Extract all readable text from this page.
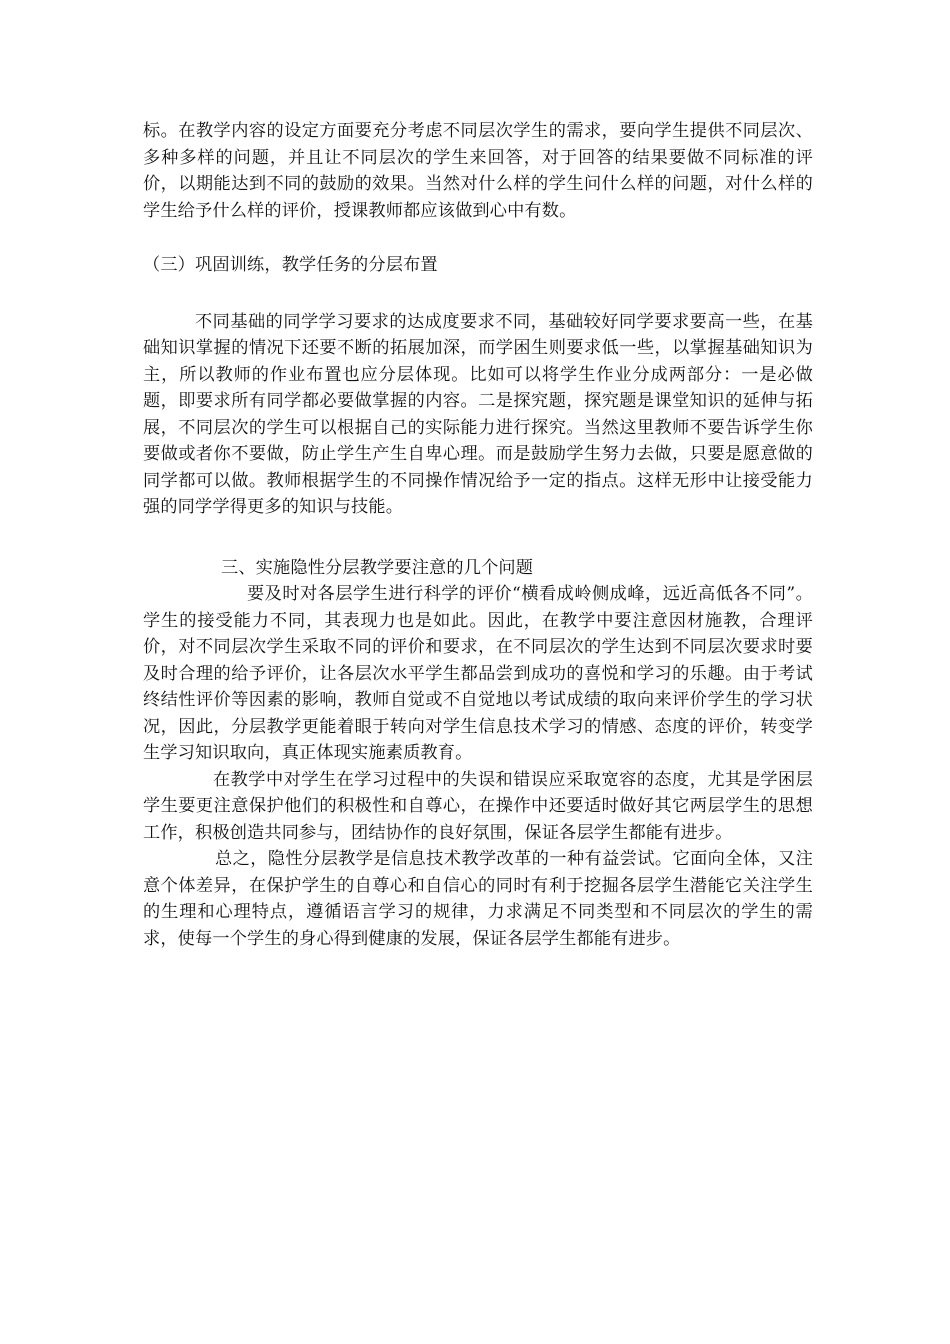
标。在教学内容的设定方面要充分考虑不同层次学生的需求，要向学生提供不同层次、多种多样的问题，并且让不同层次的学生来回答，对于回答的结果要做不同标准的评价，以期能达到不同的鼓励的效果。当然对什么样的学生问什么样的问题，对什么样的学生给予什么样的评价，授课教师都应该做到心中有数。

（三）巩固训练，教学任务的分层布置

不同基础的同学学习要求的达成度要求不同，基础较好同学要求要高一些，在基础知识掌握的情况下还要不断的拓展加深，而学困生则要求低一些，以掌握基础知识为主，所以教师的作业布置也应分层体现。比如可以将学生作业分成两部分：一是必做题，即要求所有同学都必要做掌握的内容。二是探究题，探究题是课堂知识的延伸与拓展，不同层次的学生可以根据自己的实际能力进行探究。当然这里教师不要告诉学生你要做或者你不要做，防止学生产生自卑心理。而是鼓励学生努力去做，只要是愿意做的同学都可以做。教师根据学生的不同操作情况给予一定的指点。这样无形中让接受能力强的同学学得更多的知识与技能。

三、实施隐性分层教学要注意的几个问题

要及时对各层学生进行科学的评价“横看成岭侧成峰，远近高低各不同”。学生的接受能力不同，其表现力也是如此。因此，在教学中要注意因材施教，合理评价，对不同层次学生采取不同的评价和要求，在不同层次的学生达到不同层次要求时要及时合理的给予评价，让各层次水平学生都品尝到成功的喜悦和学习的乐趣。由于考试终结性评价等因素的影响，教师自觉或不自觉地以考试成绩的取向来评价学生的学习状况，因此，分层教学更能着眼于转向对学生信息技术学习的情感、态度的评价，转变学生学习知识取向，真正体现实施素质教育。

在教学中对学生在学习过程中的失误和错误应采取宽容的态度，尤其是学困层学生要更注意保护他们的积极性和自尊心，在操作中还要适时做好其它两层学生的思想工作，积极创造共同参与，团结协作的良好氛围，保证各层学生都能有进步。

总之，隐性分层教学是信息技术教学改革的一种有益尝试。它面向全体，又注意个体差异，在保护学生的自尊心和自信心的同时有利于挖掘各层学生潜能它关注学生的生理和心理特点，遵循语言学习的规律，力求满足不同类型和不同层次的学生的需求，使每一个学生的身心得到健康的发展，保证各层学生都能有进步。
